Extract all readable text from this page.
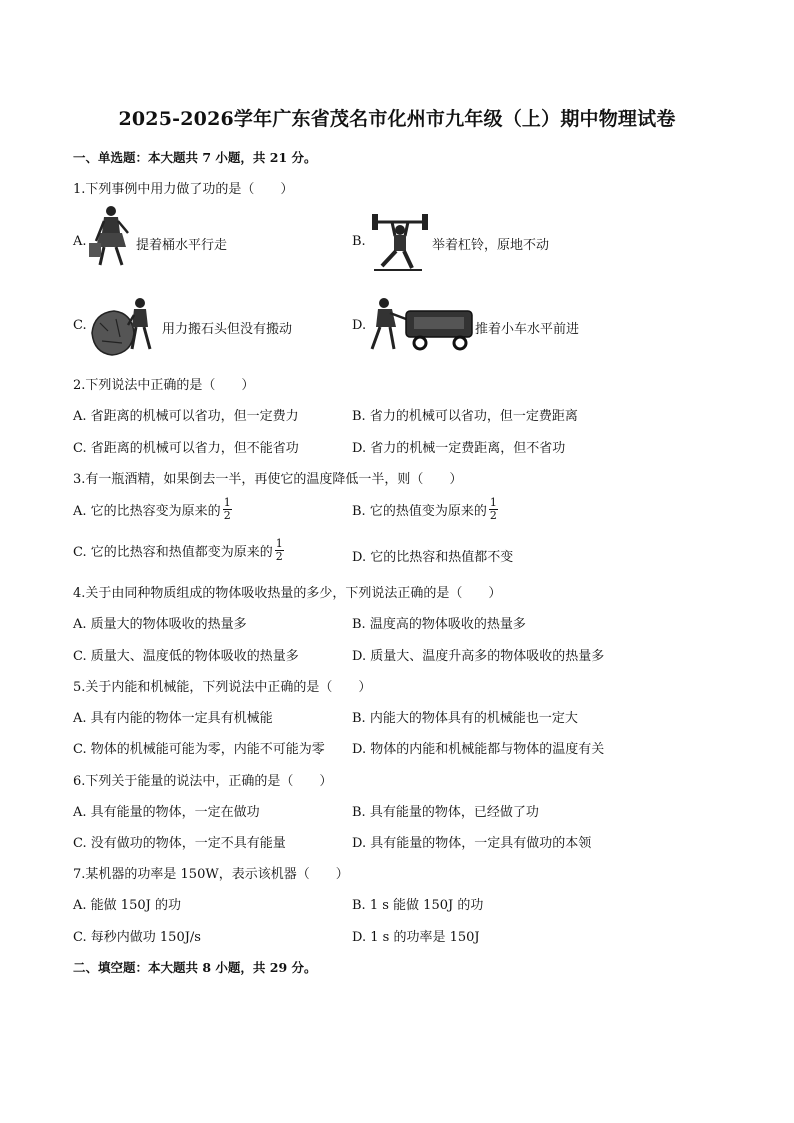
2025-2026学年广东省茂名市化州市九年级（上）期中物理试卷
一、单选题：本大题共 7 小题，共 21 分。
1.下列事例中用力做了功的是（　　）
A.	提着桶水平行走	B.	举着杠铃，原地不动
C.	用力搬石头但没有搬动	D.	推着小车水平前进
2.下列说法中正确的是（　　）
A. 省距离的机械可以省功，但一定费力	B. 省力的机械可以省功，但一定费距离
C. 省距离的机械可以省力，但不能省功	D. 省力的机械一定费距离，但不省功
3.有一瓶酒精，如果倒去一半，再使它的温度降低一半，则（　　）
A. 它的比热容变为原来的 $\frac{1}{2}$	B. 它的热值变为原来的 $\frac{1}{2}$
C. 它的比热容和热值都变为原来的 $\frac{1}{2}$	D. 它的比热容和热值都不变
4.关于由同种物质组成的物体吸收热量的多少，下列说法正确的是（　　）
A. 质量大的物体吸收的热量多	B. 温度高的物体吸收的热量多
C. 质量大、温度低的物体吸收的热量多	D. 质量大、温度升高多的物体吸收的热量多
5.关于内能和机械能，下列说法中正确的是（　　）
A. 具有内能的物体一定具有机械能	B. 内能大的物体具有的机械能也一定大
C. 物体的机械能可能为零，内能不可能为零 D. 物体的内能和机械能都与物体的温度有关
6.下列关于能量的说法中，正确的是（　　）
A. 具有能量的物体，一定在做功	B. 具有能量的物体，已经做了功
C. 没有做功的物体，一定不具有能量	D. 具有能量的物体，一定具有做功的本领
7.某机器的功率是 150W，表示该机器（　　）
A. 能做 150J 的功	B. 1 s 能做 150J 的功
C. 每秒内做功 150J/s	D. 1 s 的功率是 150J
二、填空题：本大题共 8 小题，共 29 分。
